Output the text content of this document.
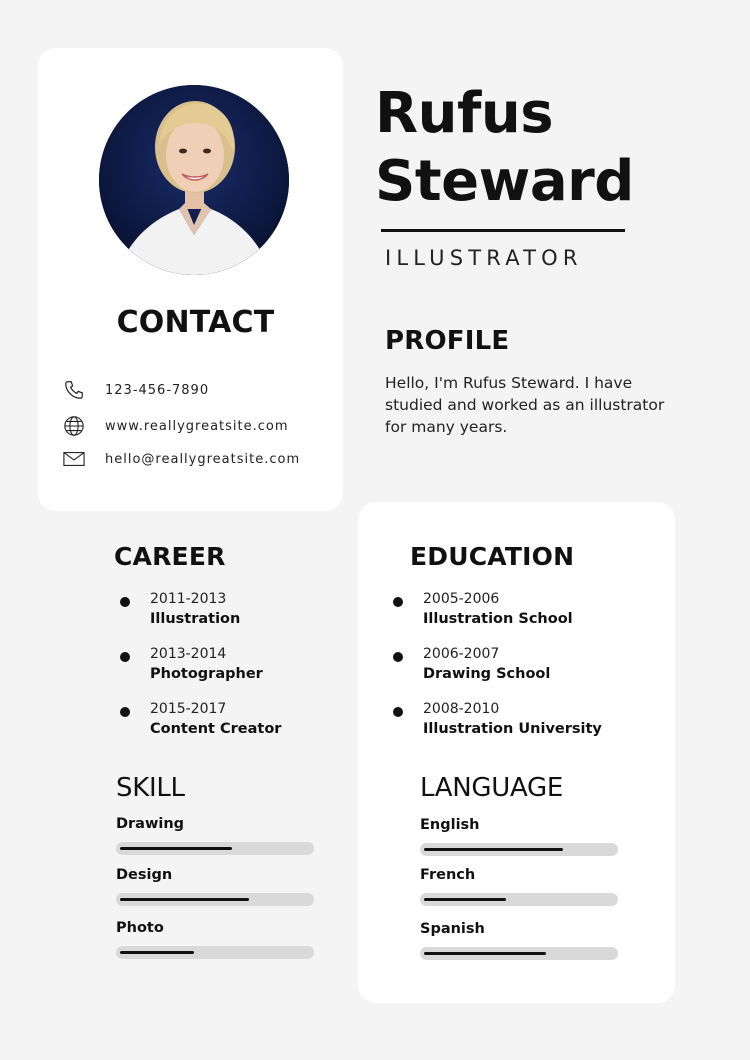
Rufus
Steward
ILLUSTRATOR
CONTACT
123-456-7890
www.reallygreatsite.com
hello@reallygreatsite.com
PROFILE

Hello, I'm Rufus Steward. I have studied and worked as an illustrator for many years.

CAREER
2011-2013
Illustration
2013-2014
Photographer
2015-2017
Content Creator
EDUCATION
2005-2006
Illustration School
2006-2007
Drawing School
2008-2010
Illustration University
SKILL
Drawing
Design
Photo
LANGUAGE
English
French
Spanish
